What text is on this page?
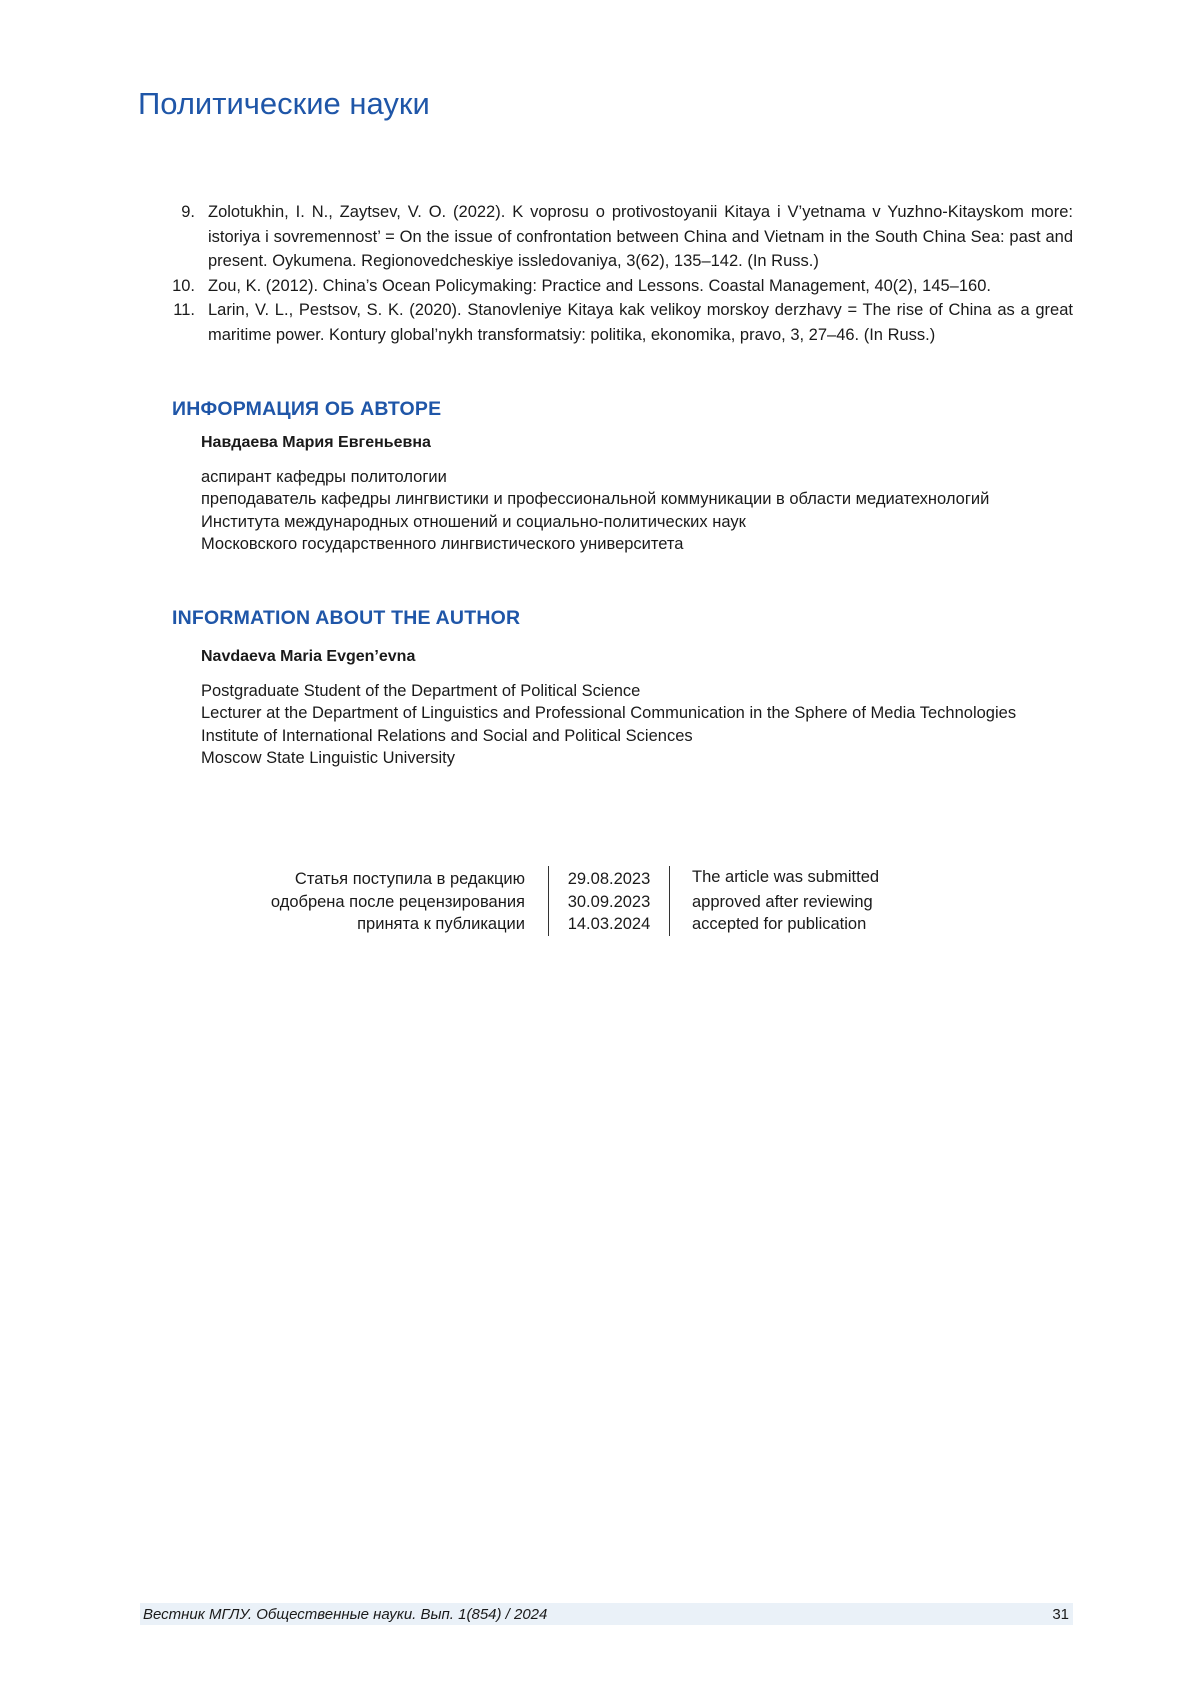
Политические науки
9. Zolotukhin, I. N., Zaytsev, V. O. (2022). K voprosu o protivostoyanii Kitaya i V’yetnama v Yuzhno-Kitayskom more: istoriya i sovremennost’ = On the issue of confrontation between China and Vietnam in the South China Sea: past and present. Oykumena. Regionovedcheskiye issledovaniya, 3(62), 135–142. (In Russ.)
10. Zou, K. (2012). China’s Ocean Policymaking: Practice and Lessons. Coastal Management, 40(2), 145–160.
11. Larin, V. L., Pestsov, S. K. (2020). Stanovleniye Kitaya kak velikoy morskoy derzhavy = The rise of China as a great maritime power. Kontury global’nykh transformatsiy: politika, ekonomika, pravo, 3, 27–46. (In Russ.)
ИНФОРМАЦИЯ ОБ АВТОРЕ

Навдаева Мария Евгеньевна

аспирант кафедры политологии
преподаватель кафедры лингвистики и профессиональной коммуникации в области медиатехнологий
Института международных отношений и социально-политических наук
Московского государственного лингвистического университета
INFORMATION ABOUT THE AUTHOR

Navdaeva Maria Evgen’evna

Postgraduate Student of the Department of Political Science
Lecturer at the Department of Linguistics and Professional Communication in the Sphere of Media Technologies
Institute of International Relations and Social and Political Sciences
Moscow State Linguistic University
Статья поступила в редакцию	29.08.2023	The article was submitted
одобрена после рецензирования	30.09.2023	approved after reviewing
принята к публикации	14.03.2024	accepted for publication
Вестник МГЛУ. Общественные науки. Вып. 1(854) / 2024	31
